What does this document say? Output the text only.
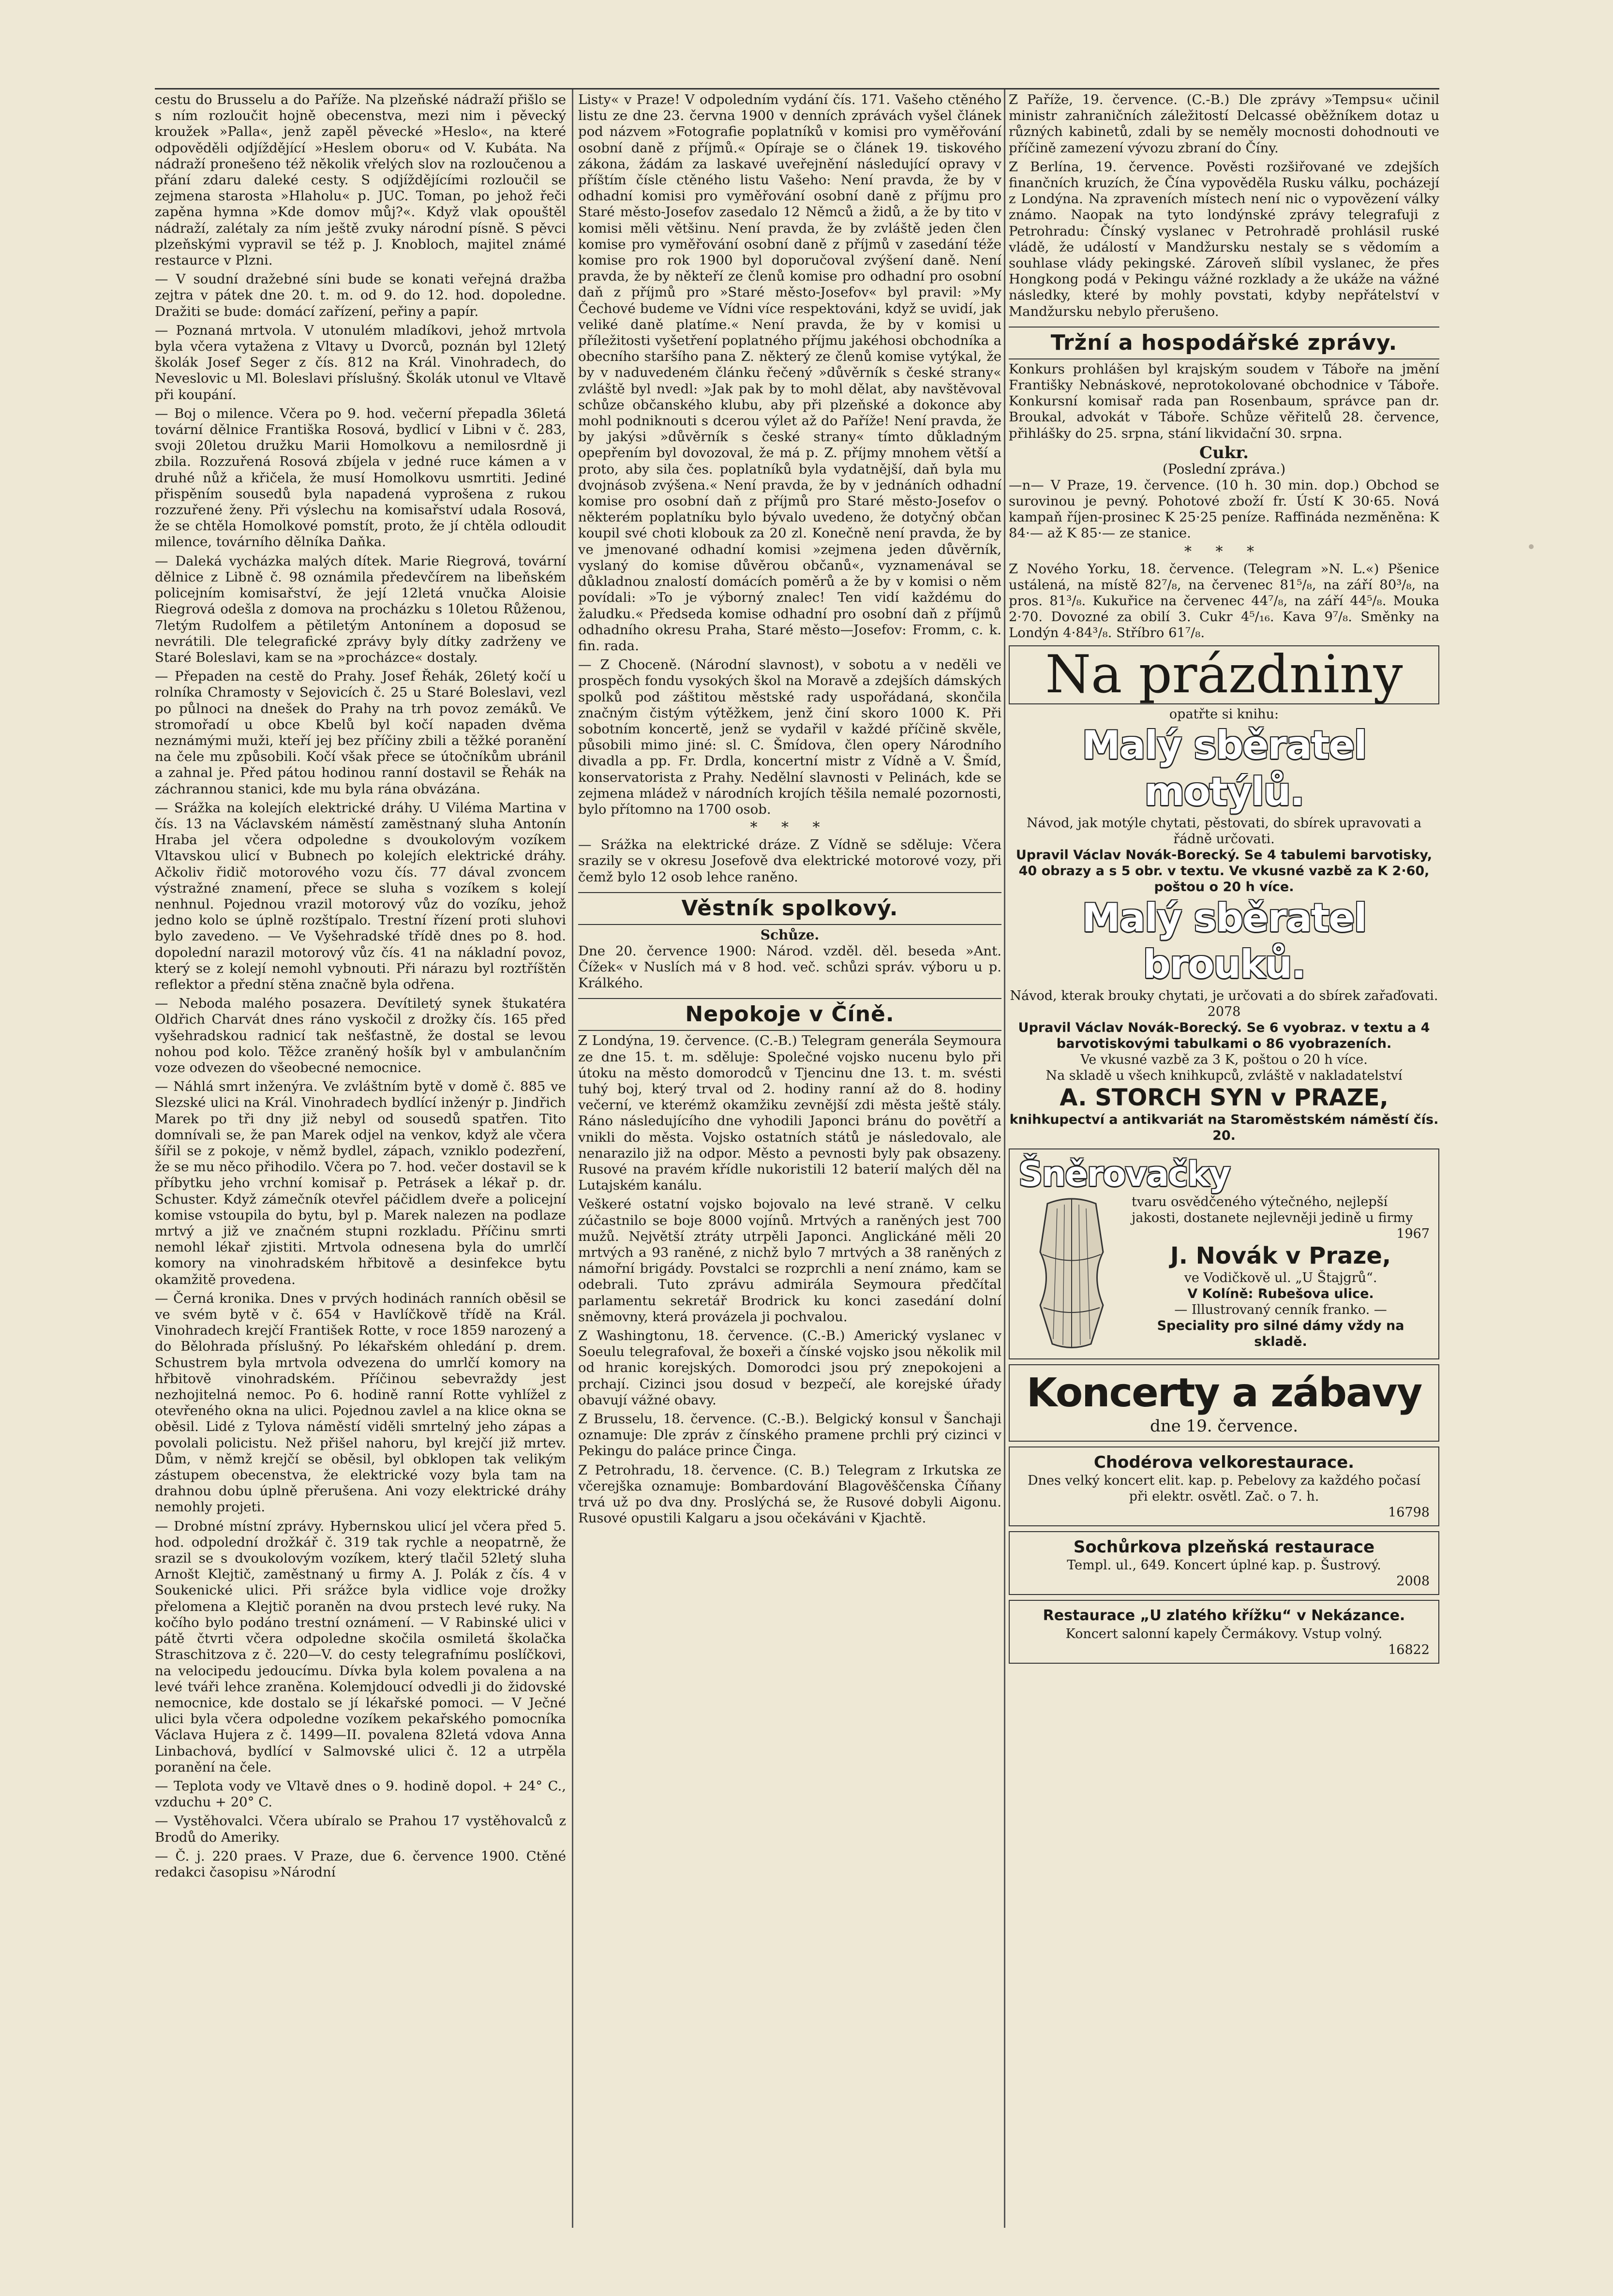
cestu do Brusselu a do Paříže. Na plzeňské nádraží přišlo se s ním rozloučit hojně obecenstva, mezi nim i pěvecký kroužek »Palla«, jenž zapěl pěvecké »Heslo«, na které odpověděli odjíždějící »Heslem oboru« od V. Kubáta. Na nádraží pronešeno též několik vřelých slov na rozloučenou a přání zdaru daleké cesty. S odjíždějícími rozloučil se zejmena starosta »Hlaholu« p. JUC. Toman, po jehož řeči zapěna hymna »Kde domov můj?«. Když vlak opouštěl nádraží, zalétaly za ním ještě zvuky národní písně. S pěvci plzeňskými vypravil se též p. J. Knobloch, majitel známé restaurce v Plzni.

— V soudní dražebné síni bude se konati veřejná dražba zejtra v pátek dne 20. t. m. od 9. do 12. hod. dopoledne. Dražiti se bude: domácí zařízení, peřiny a papír.

— Poznaná mrtvola. V utonulém mladíkovi, jehož mrtvola byla včera vytažena z Vltavy u Dvorců, poznán byl 12letý školák Josef Seger z čís. 812 na Král. Vinohradech, do Neveslovic u Ml. Boleslavi příslušný. Školák utonul ve Vltavě při koupání.

— Boj o milence. Včera po 9. hod. večerní přepadla 36letá tovární dělnice Františka Rosová, bydlicí v Libni v č. 283, svoji 20letou družku Marii Homolkovu a nemilosrdně ji zbila. Rozzuřená Rosová zbíjela v jedné ruce kámen a v druhé nůž a křičela, že musí Homolkovu usmrtiti. Jediné přispěním sousedů byla napadená vyprošena z rukou rozzuřené ženy. Při výslechu na komisařství udala Rosová, že se chtěla Homolkové pomstít, proto, že jí chtěla odloudit milence, továrního dělníka Daňka.

— Daleká vycházka malých dítek. Marie Riegrová, tovární dělnice z Libně č. 98 oznámila předevčírem na libeňském policejním komisařství, že její 12letá vnučka Aloisie Riegrová odešla z domova na procházku s 10letou Růženou, 7letým Rudolfem a pětiletým Antonínem a doposud se nevrátili. Dle telegrafické zprávy byly dítky zadrženy ve Staré Boleslavi, kam se na »procházce« dostaly.

— Přepaden na cestě do Prahy. Josef Řehák, 26letý kočí u rolníka Chramosty v Sejovicích č. 25 u Staré Boleslavi, vezl po půlnoci na dnešek do Prahy na trh povoz zemáků. Ve stromořadí u obce Kbelů byl kočí napaden dvěma neznámými muži, kteří jej bez příčiny zbili a těžké poranění na čele mu způsobili. Kočí však přece se útočníkům ubránil a zahnal je. Před pátou hodinou ranní dostavil se Řehák na záchrannou stanici, kde mu byla rána obvázána.

— Srážka na kolejích elektrické dráhy. U Viléma Martina v čís. 13 na Václavském náměstí zaměstnaný sluha Antonín Hraba jel včera odpoledne s dvoukolovým vozíkem Vltavskou ulicí v Bubnech po kolejích elektrické dráhy. Ačkoliv řidič motorového vozu čís. 77 dával zvoncem výstražné znamení, přece se sluha s vozíkem s kolejí nenhnul. Pojednou vrazil motorový vůz do vozíku, jehož jedno kolo se úplně rozštípalo. Trestní řízení proti sluhovi bylo zavedeno. — Ve Vyšehradské třídě dnes po 8. hod. dopolední narazil motorový vůz čís. 41 na nákladní povoz, který se z kolejí nemohl vybnouti. Při nárazu byl roztříštěn reflektor a přední stěna značně byla odřena.

— Neboda malého posazera. Devítiletý synek štukatéra Oldřich Charvát dnes ráno vyskočil z drožky čís. 165 před vyšehradskou radnicí tak nešťastně, že dostal se levou nohou pod kolo. Těžce zraněný hošík byl v ambulančním voze odvezen do všeobecné nemocnice.

— Náhlá smrt inženýra. Ve zvláštním bytě v domě č. 885 ve Slezské ulici na Král. Vinohradech bydlící inženýr p. Jindřich Marek po tři dny již nebyl od sousedů spatřen. Tito domnívali se, že pan Marek odjel na venkov, když ale včera šířil se z pokoje, v němž bydlel, zápach, vzniklo podezření, že se mu něco přihodilo. Včera po 7. hod. večer dostavil se k příbytku jeho vrchní komisař p. Petrásek a lékař p. dr. Schuster. Když zámečník otevřel páčidlem dveře a policejní komise vstoupila do bytu, byl p. Marek nalezen na podlaze mrtvý a již ve značném stupni rozkladu. Příčinu smrti nemohl lékař zjistiti. Mrtvola odnesena byla do umrlčí komory na vinohradském hřbitově a desinfekce bytu okamžitě provedena.

— Černá kronika. Dnes v prvých hodinách ranních oběsil se ve svém bytě v č. 654 v Havlíčkově třídě na Král. Vinohradech krejčí František Rotte, v roce 1859 narozený a do Bělohrada příslušný. Po lékařském ohledání p. drem. Schustrem byla mrtvola odvezena do umrlčí komory na hřbitově vinohradském. Příčinou sebevraždy jest nezhojitelná nemoc. Po 6. hodině ranní Rotte vyhlížel z otevřeného okna na ulici. Pojednou zavlel a na klice okna se oběsil. Lidé z Tylova náměstí viděli smrtelný jeho zápas a povolali policistu. Než přišel nahoru, byl krejčí již mrtev. Dům, v němž krejčí se oběsil, byl obklopen tak velikým zástupem obecenstva, že elektrické vozy byla tam na drahnou dobu úplně přerušena. Ani vozy elektrické dráhy nemohly projeti.

— Drobné místní zprávy. Hybernskou ulicí jel včera před 5. hod. odpolední drožkář č. 319 tak rychle a neopatrně, že srazil se s dvoukolovým vozíkem, který tlačil 52letý sluha Arnošt Klejtič, zaměstnaný u firmy A. J. Polák z čís. 4 v Soukenické ulici. Při srážce byla vidlice voje drožky přelomena a Klejtič poraněn na dvou prstech levé ruky. Na kočího bylo podáno trestní oznámení. — V Rabinské ulici v pátě čtvrti včera odpoledne skočila osmiletá školačka Straschitzova z č. 220—V. do cesty telegrafnímu poslíčkovi, na velocipedu jedoucímu. Dívka byla kolem povalena a na levé tváři lehce zraněna. Kolemjdoucí odvedli ji do židovské nemocnice, kde dostalo se jí lékařské pomoci. — V Ječné ulici byla včera odpoledne vozíkem pekařského pomocníka Václava Hujera z č. 1499—II. povalena 82letá vdova Anna Linbachová, bydlící v Salmovské ulici č. 12 a utrpěla poranění na čele.

— Teplota vody ve Vltavě dnes o 9. hodině dopol. + 24° C., vzduchu + 20° C.

— Vystěhovalci. Včera ubíralo se Prahou 17 vystěhovalců z Brodů do Ameriky.

— Č. j. 220 praes. V Praze, due 6. července 1900. Ctěné redakci časopisu »Národní

Listy« v Praze! V odpoledním vydání čís. 171. Vašeho ctěného listu ze dne 23. června 1900 v denních zprávách vyšel článek pod názvem »Fotografie poplatníků v komisi pro vyměřování osobní daně z příjmů.« Opíraje se o článek 19. tiskového zákona, žádám za laskavé uveřejnění následující opravy v příštím čísle ctěného listu Vašeho: Není pravda, že by v odhadní komisi pro vyměřování osobní daně z příjmu pro Staré město-Josefov zasedalo 12 Němců a židů, a že by tito v komisi měli většinu. Není pravda, že by zvláště jeden člen komise pro vyměřování osobní daně z příjmů v zasedání téže komise pro rok 1900 byl doporučoval zvýšení daně. Není pravda, že by někteří ze členů komise pro odhadní pro osobní daň z příjmů pro »Staré město-Josefov« byl pravil: »My Čechové budeme ve Vídni více respektováni, když se uvidí, jak veliké daně platíme.« Není pravda, že by v komisi u příležitosti vyšetření poplatného příjmu jakéhosi obchodníka a obecního staršího pana Z. některý ze členů komise vytýkal, že by v naduvedeném článku řečený »důvěrník s české strany« zvláště byl nvedl: »Jak pak by to mohl dělat, aby navštěvoval schůze občanského klubu, aby při plzeňské a dokonce aby mohl podniknouti s dcerou výlet až do Paříže! Není pravda, že by jakýsi »důvěrník s české strany« tímto důkladným opepřením byl dovozoval, že má p. Z. příjmy mnohem větší a proto, aby sila čes. poplatníků byla vydatnější, daň byla mu dvojnásob zvýšena.« Není pravda, že by v jednáních odhadní komise pro osobní daň z příjmů pro Staré město-Josefov o některém poplatníku bylo bývalo uvedeno, že dotyčný občan koupil své choti klobouk za 20 zl. Konečně není pravda, že by ve jmenované odhadní komisi »zejmena jeden důvěrník, vyslaný do komise důvěrou občanů«, vyznamenával se důkladnou znalostí domácích poměrů a že by v komisi o něm povídali: »To je výborný znalec! Ten vidí každému do žaludku.« Předseda komise odhadní pro osobní daň z příjmů odhadního okresu Praha, Staré město—Josefov: Fromm, c. k. fin. rada.

— Z Choceně. (Národní slavnost), v sobotu a v neděli ve prospěch fondu vysokých škol na Moravě a zdejších dámských spolků pod záštitou městské rady uspořádaná, skončila značným čistým výtěžkem, jenž činí skoro 1000 K. Při sobotním koncertě, jenž se vydařil v každé příčině skvěle, působili mimo jiné: sl. C. Šmídova, člen opery Národního divadla a pp. Fr. Drdla, koncertní mistr z Vídně a V. Šmíd, konservatorista z Prahy. Nedělní slavnosti v Pelinách, kde se zejmena mládež v národních krojích těšila nemalé pozornosti, bylo přítomno na 1700 osob.

* * *

— Srážka na elektrické dráze. Z Vídně se sděluje: Včera srazily se v okresu Josefově dva elektrické motorové vozy, při čemž bylo 12 osob lehce raněno.

Věstník spolkový.
Schůze.

Dne 20. července 1900: Národ. vzděl. děl. beseda »Ant. Čížek« v Nuslích má v 8 hod. več. schůzi správ. výboru u p. Králkého.

Nepokoje v Číně.

Z Londýna, 19. července. (C.-B.) Telegram generála Seymoura ze dne 15. t. m. sděluje: Společné vojsko nucenu bylo při útoku na město domorodců v Tjencinu dne 13. t. m. svésti tuhý boj, který trval od 2. hodiny ranní až do 8. hodiny večerní, ve kterémž okamžiku zevnější zdi města ještě stály. Ráno následujícího dne vyhodili Japonci bránu do povětří a vnikli do města. Vojsko ostatních států je následovalo, ale nenarazilo již na odpor. Město a pevnosti byly pak obsazeny. Rusové na pravém křídle nukoristili 12 baterií malých děl na Lutajském kanálu.

Veškeré ostatní vojsko bojovalo na levé straně. V celku zúčastnilo se boje 8000 vojínů. Mrtvých a raněných jest 700 mužů. Největší ztráty utrpěli Japonci. Anglickáné měli 20 mrtvých a 93 raněné, z nichž bylo 7 mrtvých a 38 raněných z námořní brigády. Povstalci se rozprchli a není známo, kam se odebrali. Tuto zprávu admirála Seymoura předčítal parlamentu sekretář Brodrick ku konci zasedání dolní sněmovny, která provázela ji pochvalou.

Z Washingtonu, 18. července. (C.-B.) Americký vyslanec v Soeulu telegrafoval, že boxeři a čínské vojsko jsou několik mil od hranic korejských. Domorodci jsou prý znepokojeni a prchají. Cizinci jsou dosud v bezpečí, ale korejské úřady obavují vážné obavy.

Z Brusselu, 18. července. (C.-B.). Belgický konsul v Šanchaji oznamuje: Dle zpráv z čínského pramene prchli prý cizinci v Pekingu do paláce prince Činga.

Z Petrohradu, 18. července. (C. B.) Telegram z Irkutska ze včerejška oznamuje: Bombardování Blagověščenska Číňany trvá už po dva dny. Proslýchá se, že Rusové dobyli Aigonu. Rusové opustili Kalgaru a jsou očekáváni v Kjachtě.

Z Paříže, 19. července. (C.-B.) Dle zprávy »Tempsu« učinil ministr zahraničních záležitostí Delcassé oběžníkem dotaz u různých kabinetů, zdali by se neměly mocnosti dohodnouti ve příčině zamezení vývozu zbraní do Číny.

Z Berlína, 19. července. Pověsti rozšiřované ve zdejších finančních kruzích, že Čína vypověděla Rusku válku, pocházejí z Londýna. Na zpraveních místech není nic o vypovězení války známo. Naopak na tyto londýnské zprávy telegrafuji z Petrohradu: Čínský vyslanec v Petrohradě prohlásil ruské vládě, že událostí v Mandžursku nestaly se s vědomím a souhlase vlády pekingské. Zároveň slíbil vyslanec, že přes Hongkong podá v Pekingu vážné rozklady a že ukáže na vážné následky, které by mohly povstati, kdyby nepřátelství v Mandžursku nebylo přerušeno.

Tržní a hospodářské zprávy.

Konkurs prohlášen byl krajským soudem v Táboře na jmění Františky Nebnáskové, neprotokolované obchodnice v Táboře. Konkursní komisař rada pan Rosenbaum, správce pan dr. Broukal, advokát v Táboře. Schůze věřitelů 28. července, přihlášky do 25. srpna, stání likvidační 30. srpna.

Cukr.
(Poslední zpráva.)

—n— V Praze, 19. července. (10 h. 30 min. dop.) Obchod se surovinou je pevný. Pohotové zboží fr. Ústí K 30·65. Nová kampaň říjen-prosinec K 25·25 peníze. Raffináda nezměněna: K 84·— až K 85·— ze stanice.

* * *

Z Nového Yorku, 18. července. (Telegram »N. L.«) Pšenice ustálená, na místě 82⁷/₈, na červenec 81⁵/₈, na září 80³/₈, na pros. 81³/₈. Kukuřice na červenec 44⁷/₈, na září 44⁵/₈. Mouka 2·70. Dovozné za obilí 3. Cukr 4⁵/₁₆. Kava 9⁷/₈. Směnky na Londýn 4·84³/₈. Stříbro 61⁷/₈.

Na prázdniny
opatřte si knihu:
Malý sběratel motýlů.
Návod, jak motýle chytati, pěstovati, do sbírek upravovati a řádně určovati.
Upravil Václav Novák-Borecký. Se 4 tabulemi barvotisky, 40 obrazy a s 5 obr. v textu. Ve vkusné vazbě za K 2·60, poštou o 20 h více.
Malý sběratel brouků.
Návod, kterak brouky chytati, je určovati a do sbírek zařaďovati. 2078
Upravil Václav Novák-Borecký. Se 6 vyobraz. v textu a 4 barvotiskovými tabulkami o 86 vyobrazeních.
Ve vkusné vazbě za 3 K, poštou o 20 h více.
Na skladě u všech knihkupců, zvláště v nakladatelství
A. STORCH SYN v PRAZE,
knihkupectví a antikvariát na Staroměstském náměstí čís. 20.
Šněrovačky
tvaru osvědčeného výtečného, nejlepší jakosti, dostanete nejlevněji jedině u firmy
1967
J. Novák v Praze,
ve Vodičkově ul. „U Štajgrů“.
V Kolíně: Rubešova ulice.
— Illustrovaný cenník franko. —
Speciality pro silné dámy vždy na skladě.
Koncerty a zábavy
dne 19. července.
Chodérova velkorestaurace.
Dnes velký koncert elit. kap. p. Pebelovy za každého počasí při elektr. osvětl. Zač. o 7. h.
16798
Sochůrkova plzeňská restaurace
Templ. ul., 649. Koncert úplné kap. p. Šustrový.
2008
Restaurace „U zlatého křížku“ v Nekázance.
Koncert salonní kapely Čermákovy. Vstup volný.
16822
